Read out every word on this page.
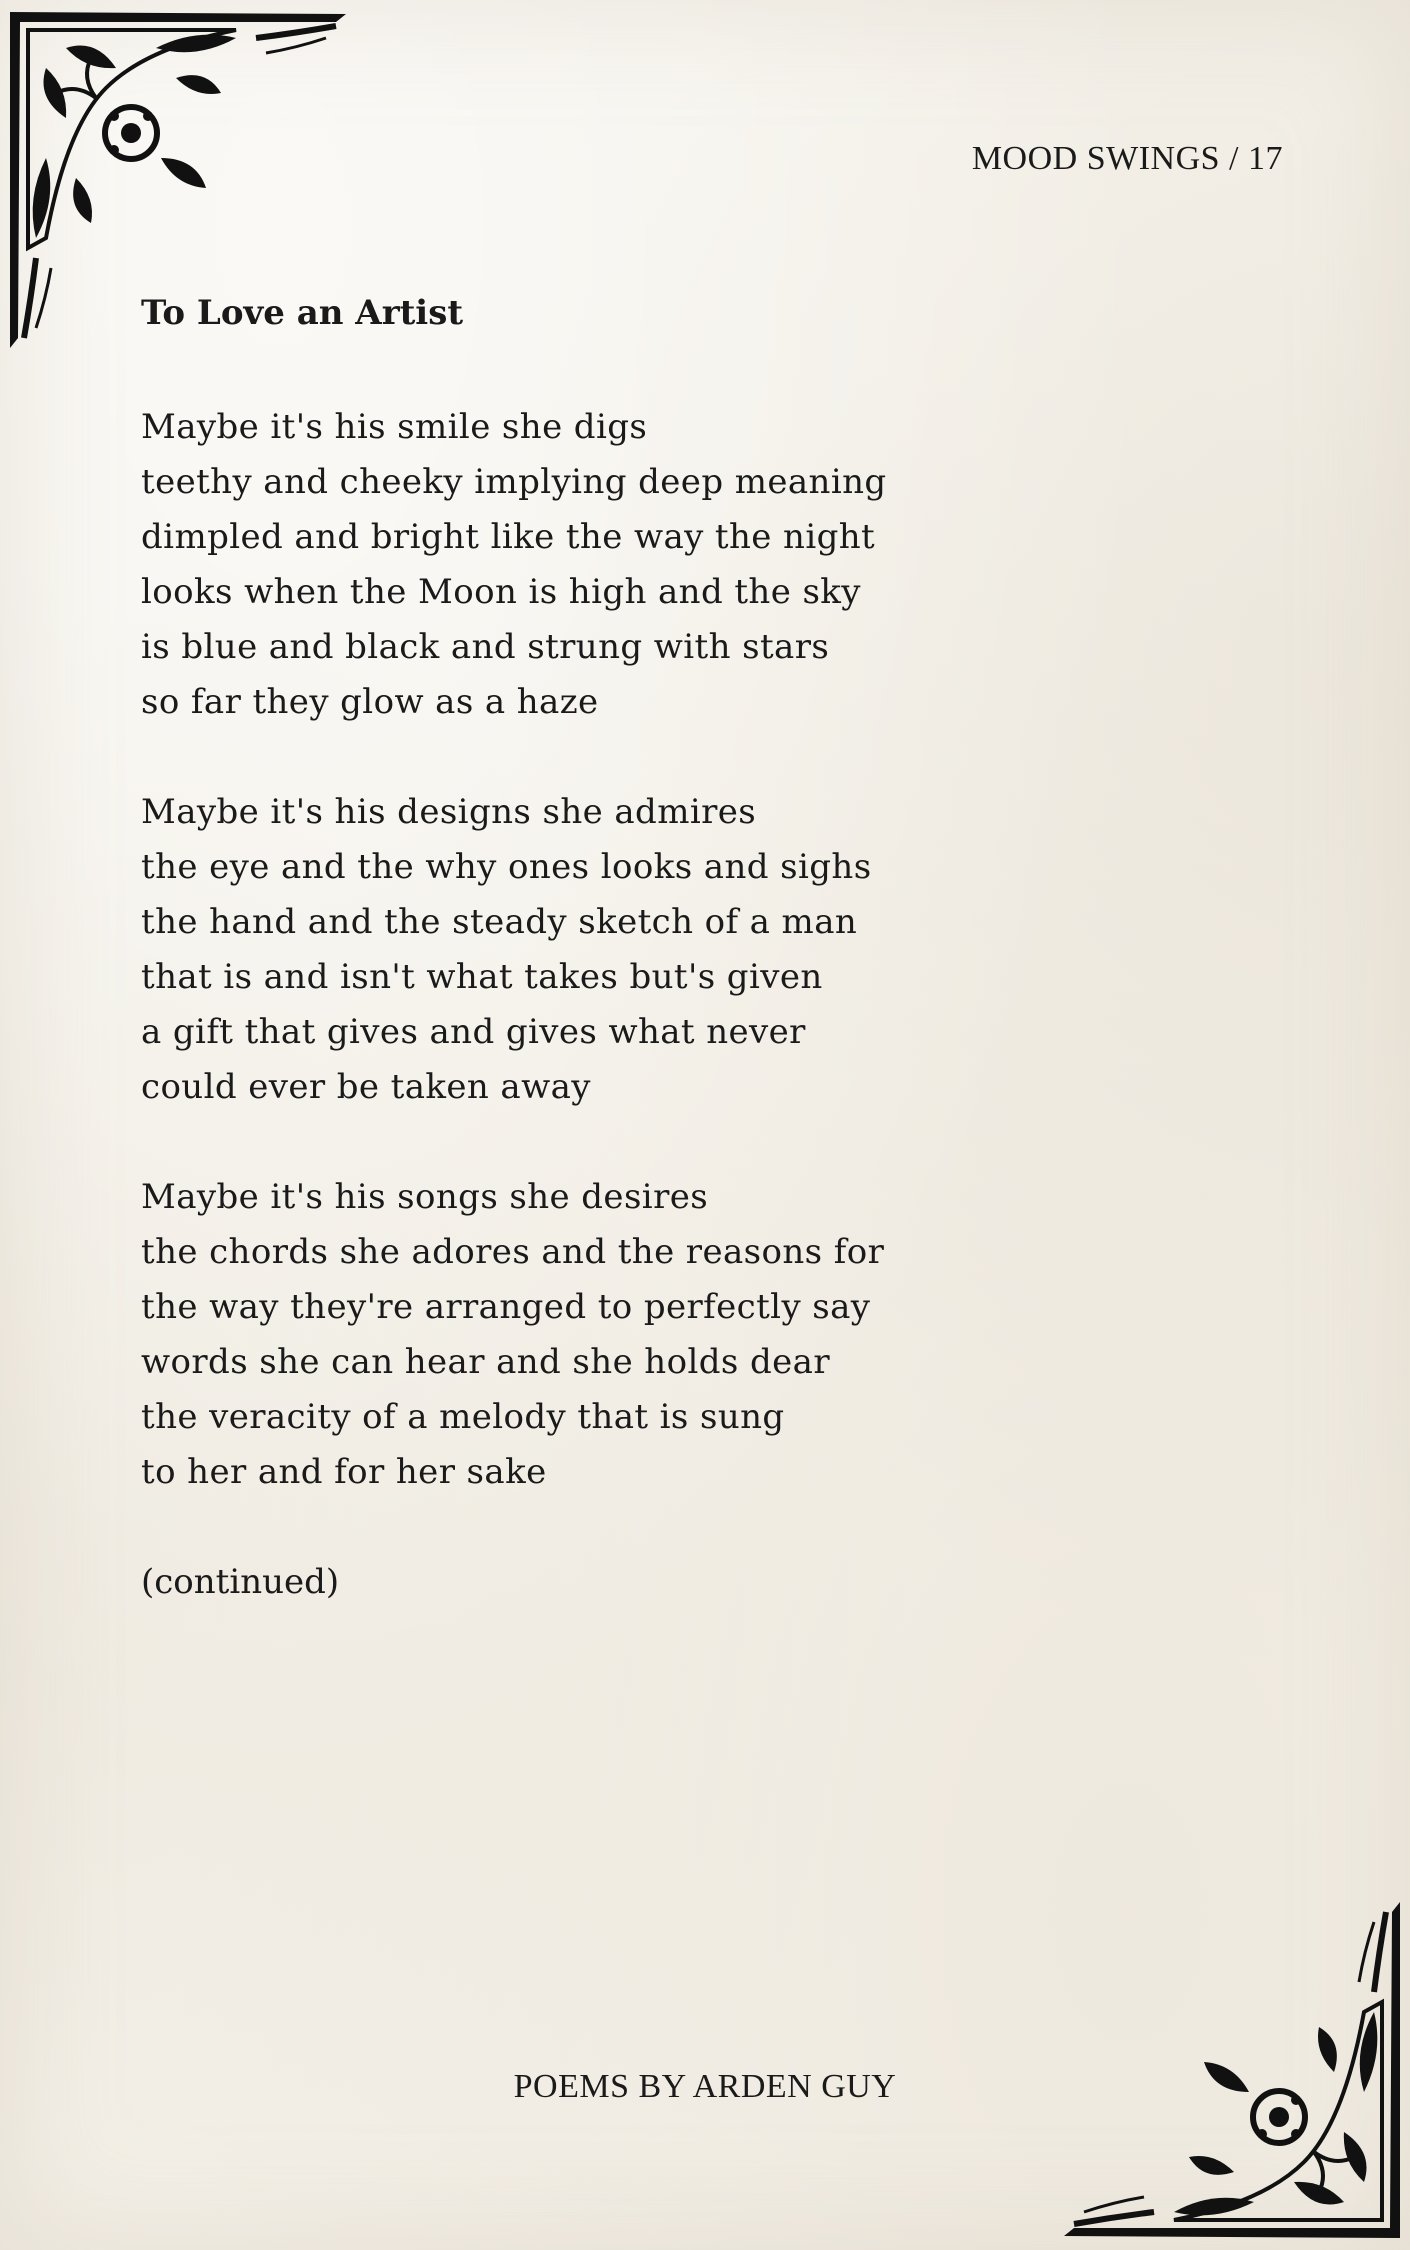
MOOD SWINGS / 17
To Love an Artist
Maybe it's his smile she digs
teethy and cheeky implying deep meaning
dimpled and bright like the way the night
looks when the Moon is high and the sky
is blue and black and strung with stars
so far they glow as a haze
Maybe it's his designs she admires
the eye and the why ones looks and sighs
the hand and the steady sketch of a man
that is and isn't what takes but's given
a gift that gives and gives what never
could ever be taken away
Maybe it's his songs she desires
the chords she adores and the reasons for
the way they're arranged to perfectly say
words she can hear and she holds dear
the veracity of a melody that is sung
to her and for her sake
(continued)
POEMS BY ARDEN GUY
